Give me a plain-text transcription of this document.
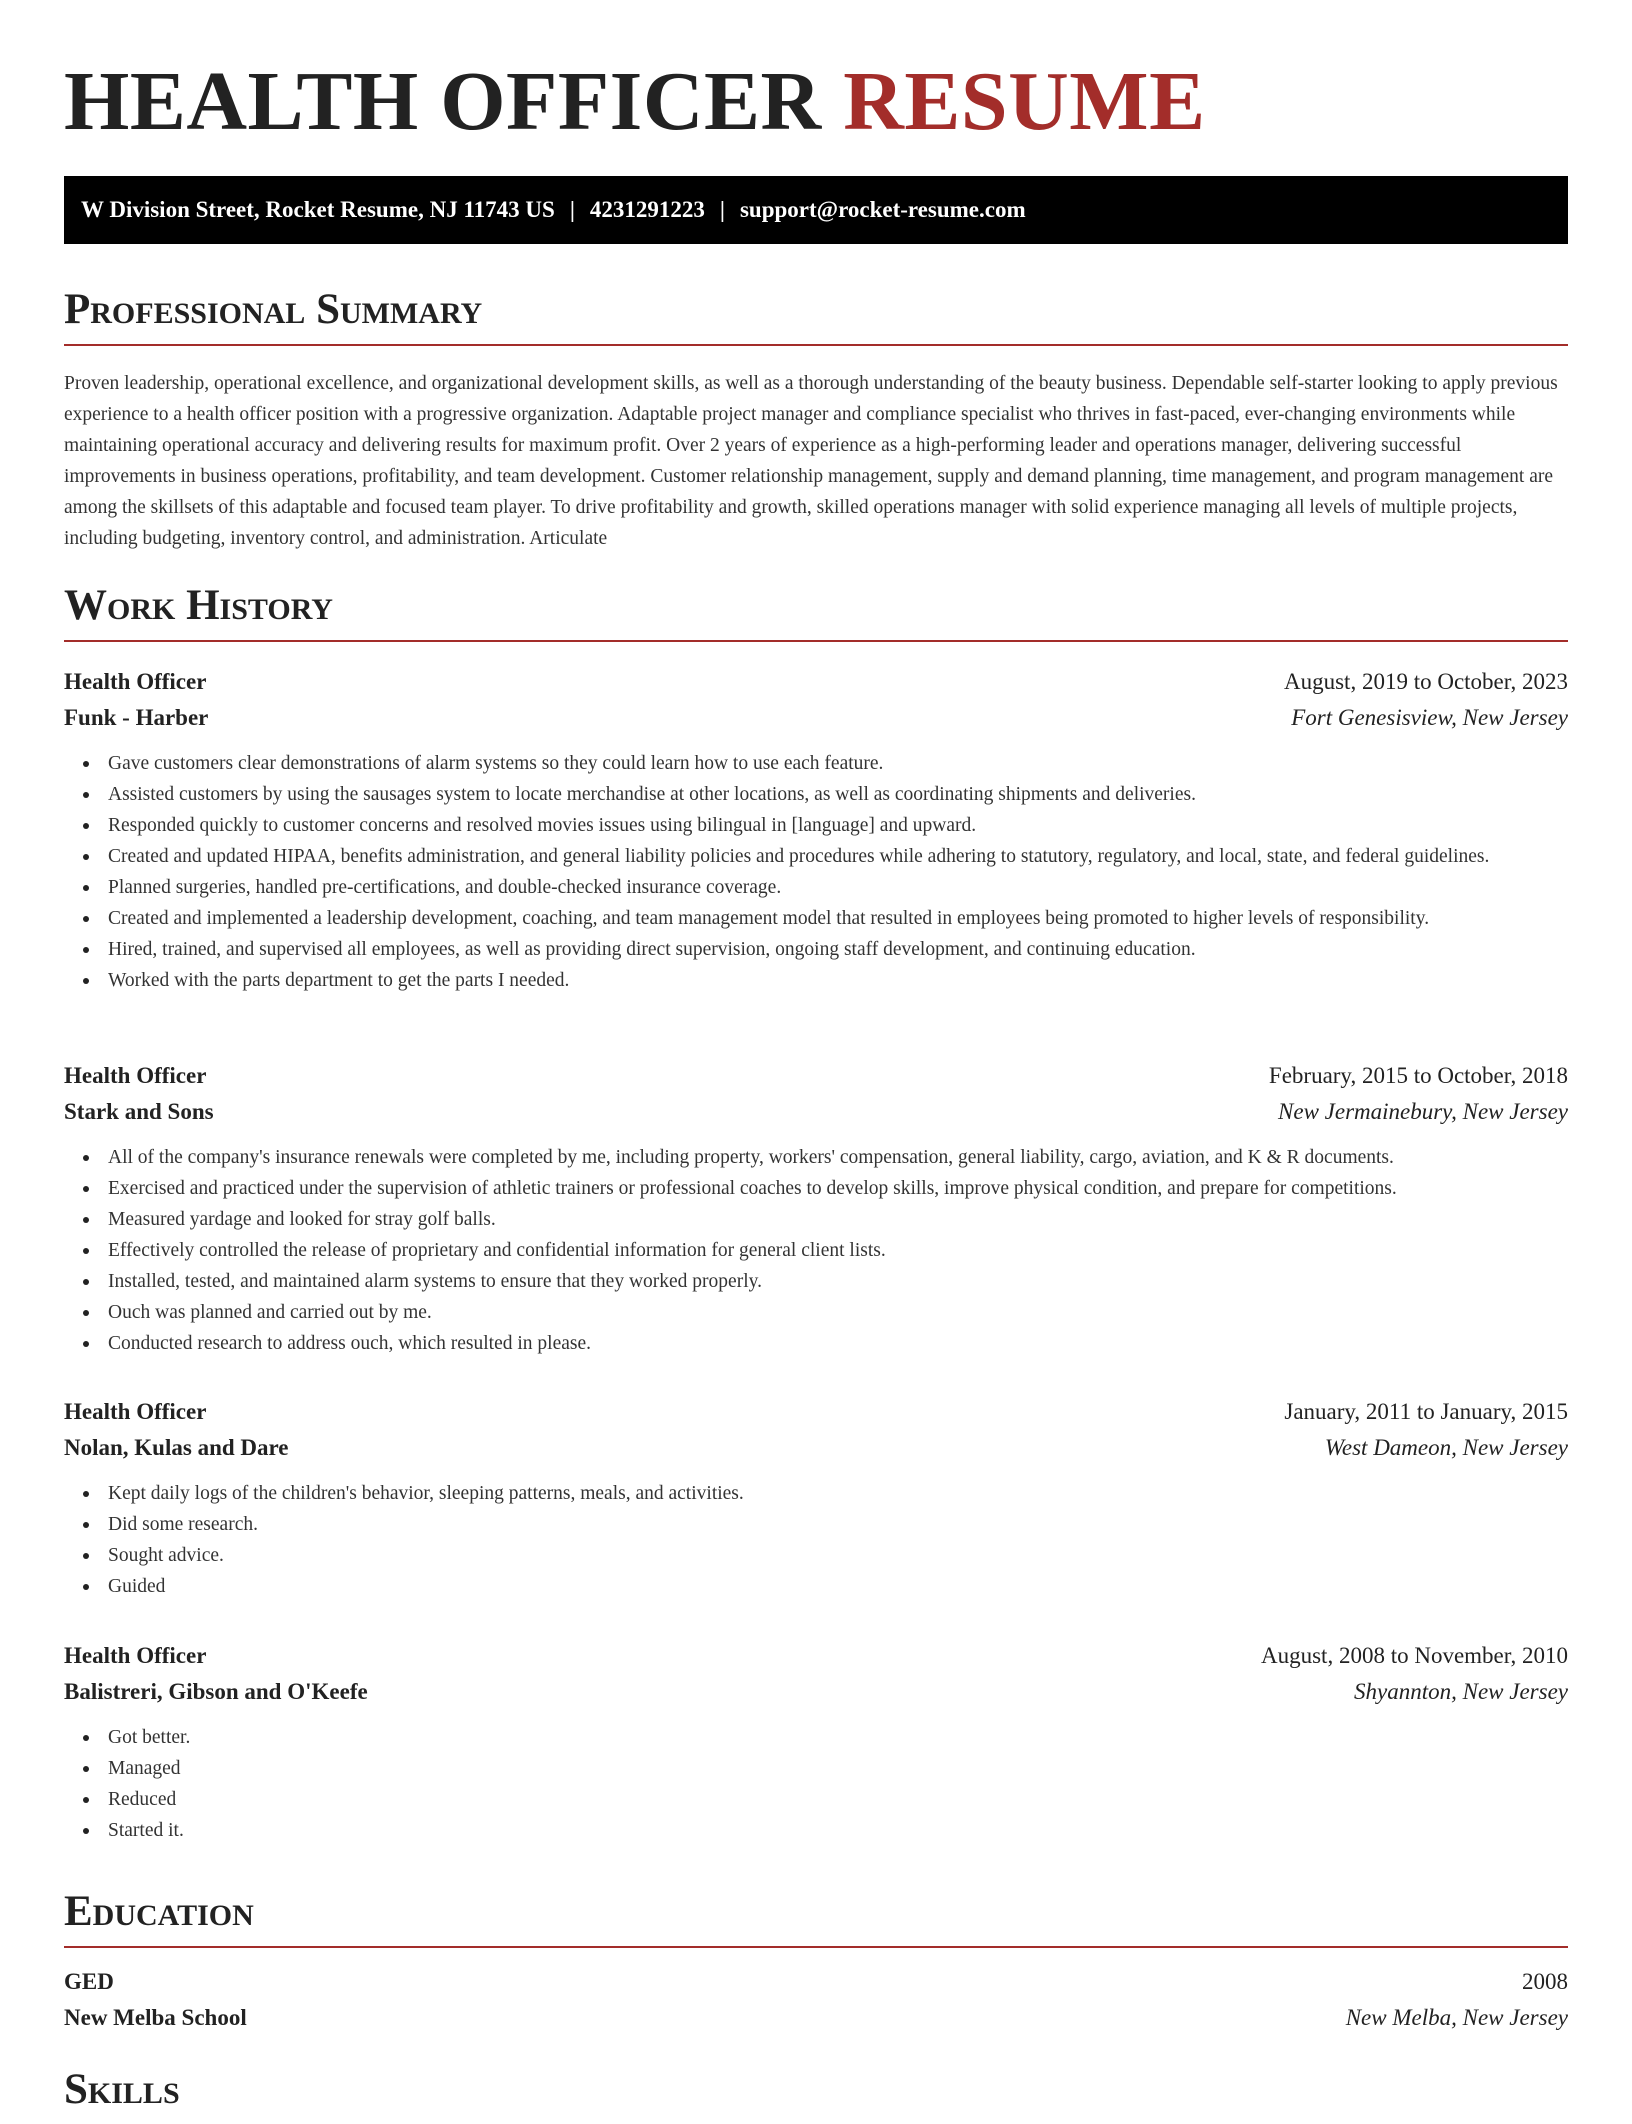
HEALTH OFFICER RESUME
W Division Street, Rocket Resume, NJ 11743 US | 4231291223 | support@rocket-resume.com
Professional Summary

Proven leadership, operational excellence, and organizational development skills, as well as a thorough understanding of the beauty business. Dependable self-starter looking to apply previous experience to a health officer position with a progressive organization. Adaptable project manager and compliance specialist who thrives in fast-paced, ever-changing environments while maintaining operational accuracy and delivering results for maximum profit. Over 2 years of experience as a high-performing leader and operations manager, delivering successful improvements in business operations, profitability, and team development. Customer relationship management, supply and demand planning, time management, and program management are among the skillsets of this adaptable and focused team player. To drive profitability and growth, skilled operations manager with solid experience managing all levels of multiple projects, including budgeting, inventory control, and administration. Articulate

Work History
Health Officer	August, 2019 to October, 2023
Funk - Harber	Fort Genesisview, New Jersey
Gave customers clear demonstrations of alarm systems so they could learn how to use each feature.
Assisted customers by using the sausages system to locate merchandise at other locations, as well as coordinating shipments and deliveries.
Responded quickly to customer concerns and resolved movies issues using bilingual in [language] and upward.
Created and updated HIPAA, benefits administration, and general liability policies and procedures while adhering to statutory, regulatory, and local, state, and federal guidelines.
Planned surgeries, handled pre-certifications, and double-checked insurance coverage.
Created and implemented a leadership development, coaching, and team management model that resulted in employees being promoted to higher levels of responsibility.
Hired, trained, and supervised all employees, as well as providing direct supervision, ongoing staff development, and continuing education.
Worked with the parts department to get the parts I needed.
Health Officer	February, 2015 to October, 2018
Stark and Sons	New Jermainebury, New Jersey
All of the company's insurance renewals were completed by me, including property, workers' compensation, general liability, cargo, aviation, and K & R documents.
Exercised and practiced under the supervision of athletic trainers or professional coaches to develop skills, improve physical condition, and prepare for competitions.
Measured yardage and looked for stray golf balls.
Effectively controlled the release of proprietary and confidential information for general client lists.
Installed, tested, and maintained alarm systems to ensure that they worked properly.
Ouch was planned and carried out by me.
Conducted research to address ouch, which resulted in please.
Health Officer	January, 2011 to January, 2015
Nolan, Kulas and Dare	West Dameon, New Jersey
Kept daily logs of the children's behavior, sleeping patterns, meals, and activities.
Did some research.
Sought advice.
Guided
Health Officer	August, 2008 to November, 2010
Balistreri, Gibson and O'Keefe	Shyannton, New Jersey
Got better.
Managed
Reduced
Started it.
Education
GED	2008
New Melba School	New Melba, New Jersey
Skills
